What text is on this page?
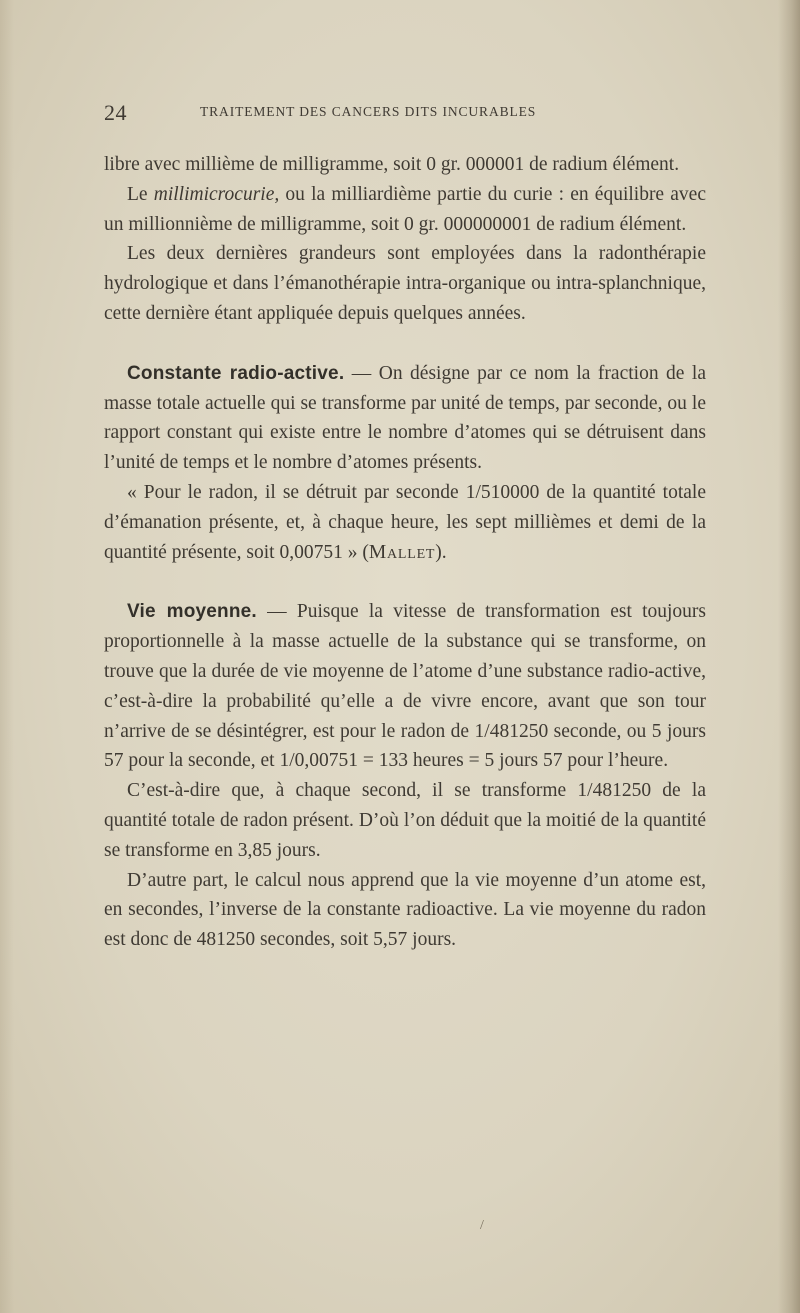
24	TRAITEMENT DES CANCERS DITS INCURABLES

libre avec millième de milligramme, soit 0 gr. 000001 de radium élément.

Le millimicrocurie, ou la milliardième partie du curie : en équilibre avec un millionnième de milligramme, soit 0 gr. 000000001 de radium élément.

Les deux dernières grandeurs sont employées dans la radonthérapie hydrologique et dans l’émanothérapie intra-organique ou intra-splanchnique, cette dernière étant appliquée depuis quelques années.

Constante radio-active. — On désigne par ce nom la fraction de la masse totale actuelle qui se transforme par unité de temps, par seconde, ou le rapport constant qui existe entre le nombre d’atomes qui se détruisent dans l’unité de temps et le nombre d’atomes présents.

« Pour le radon, il se détruit par seconde 1/510000 de la quantité totale d’émanation présente, et, à chaque heure, les sept millièmes et demi de la quantité présente, soit 0,00751 » (Mallet).

Vie moyenne. — Puisque la vitesse de transformation est toujours proportionnelle à la masse actuelle de la substance qui se transforme, on trouve que la durée de vie moyenne de l’atome d’une substance radio-active, c’est-à-dire la probabilité qu’elle a de vivre encore, avant que son tour n’arrive de se désintégrer, est pour le radon de 1/481250 seconde, ou 5 jours 57 pour la seconde, et 1/0,00751 = 133 heures = 5 jours 57 pour l’heure.

C’est-à-dire que, à chaque second, il se transforme 1/481250 de la quantité totale de radon présent. D’où l’on déduit que la moitié de la quantité se transforme en 3,85 jours.

D’autre part, le calcul nous apprend que la vie moyenne d’un atome est, en secondes, l’inverse de la constante radioactive. La vie moyenne du radon est donc de 481250 secondes, soit 5,57 jours.

/
